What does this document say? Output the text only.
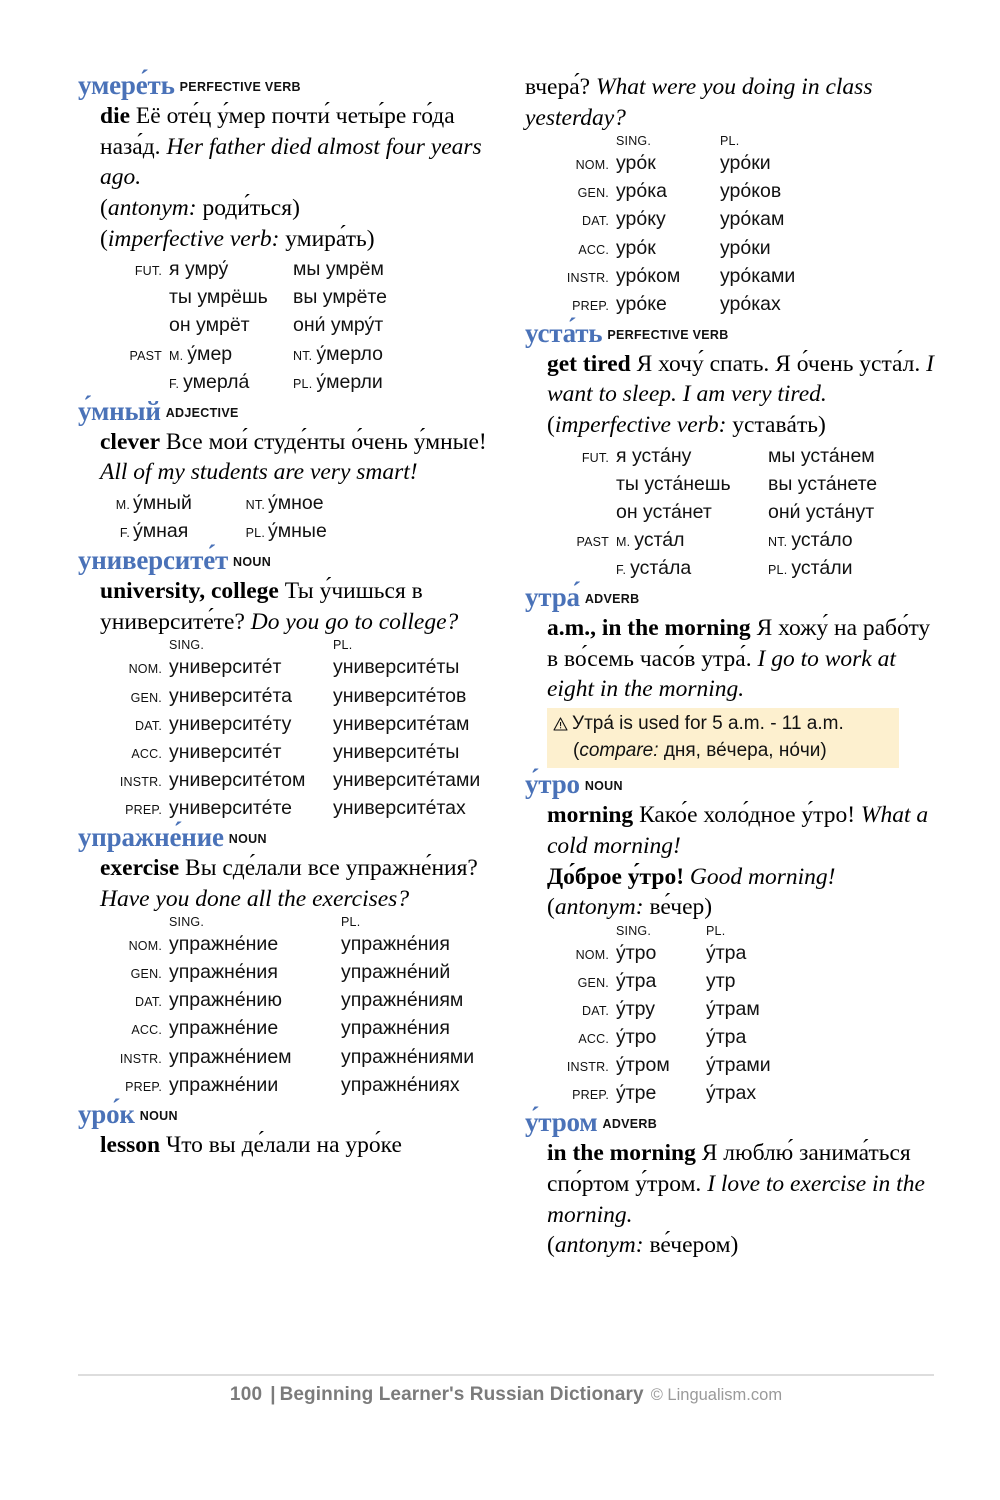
умере́ть PERFECTIVE VERB
die Её оте́ц у́мер почти́ четы́ре го́да наза́д. Her father died almost four years ago.
(antonym: роди́ться)
(imperfective verb: умира́ть)
FUT.	я умру́	мы умрём
	ты умрёшь	вы умрёте
	он умрёт	они́ умру́т
PAST	M. у́мер	NT. у́мерло
	F. умерла́	PL. у́мерли
у́мный ADJECTIVE
clever Все мои́ студе́нты о́чень у́мные! All of my students are very smart!
M.	у́мный	NT.	у́мное
F.	у́мная	PL.	у́мные
университе́т NOUN
university, college Ты у́чишься в университе́те? Do you go to college?
	SING.	PL.
NOM.	университе́т	университе́ты
GEN.	университе́та	университе́тов
DAT.	университе́ту	университе́там
ACC.	университе́т	университе́ты
INSTR.	университе́том	университе́тами
PREP.	университе́те	университе́тах
упражне́ние NOUN
exercise Вы сде́лали все упражне́ния? Have you done all the exercises?
	SING.	PL.
NOM.	упражне́ние	упражне́ния
GEN.	упражне́ния	упражне́ний
DAT.	упражне́нию	упражне́ниям
ACC.	упражне́ние	упражне́ния
INSTR.	упражне́нием	упражне́ниями
PREP.	упражне́нии	упражне́ниях
уро́к NOUN
lesson Что вы де́лали на уро́ке
вчера́? What were you doing in class yesterday?
	SING.	PL.
NOM.	уро́к	уро́ки
GEN.	уро́ка	уро́ков
DAT.	уро́ку	уро́кам
ACC.	уро́к	уро́ки
INSTR.	уро́ком	уро́ками
PREP.	уро́ке	уро́ках
уста́ть PERFECTIVE VERB
get tired Я хочу́ спать. Я о́чень уста́л. I want to sleep. I am very tired.
(imperfective verb: уставáть)
FUT.	я уста́ну	мы уста́нем
	ты уста́нешь	вы уста́нете
	он уста́нет	они́ уста́нут
PAST	M. уста́л	NT. уста́ло
	F. уста́ла	PL. уста́ли
утра́ ADVERB
a.m., in the morning Я хожу́ на рабо́ту в во́семь часо́в утра́. I go to work at eight in the morning.
Утра́ is used for 5 a.m. - 11 a.m.
(compare: дня, ве́чера, но́чи)
у́тро NOUN
morning Како́е холо́дное у́тро! What a cold morning!
До́брое у́тро! Good morning!
(antonym: ве́чер)
	SING.	PL.
NOM.	у́тро	у́тра
GEN.	у́тра	утр
DAT.	у́тру	у́трам
ACC.	у́тро	у́тра
INSTR.	у́тром	у́трами
PREP.	у́тре	у́трах
у́тром ADVERB
in the morning Я люблю́ занима́ться спо́ртом у́тром. I love to exercise in the morning.
(antonym: ве́чером)
100 | Beginning Learner's Russian Dictionary © Lingualism.com
